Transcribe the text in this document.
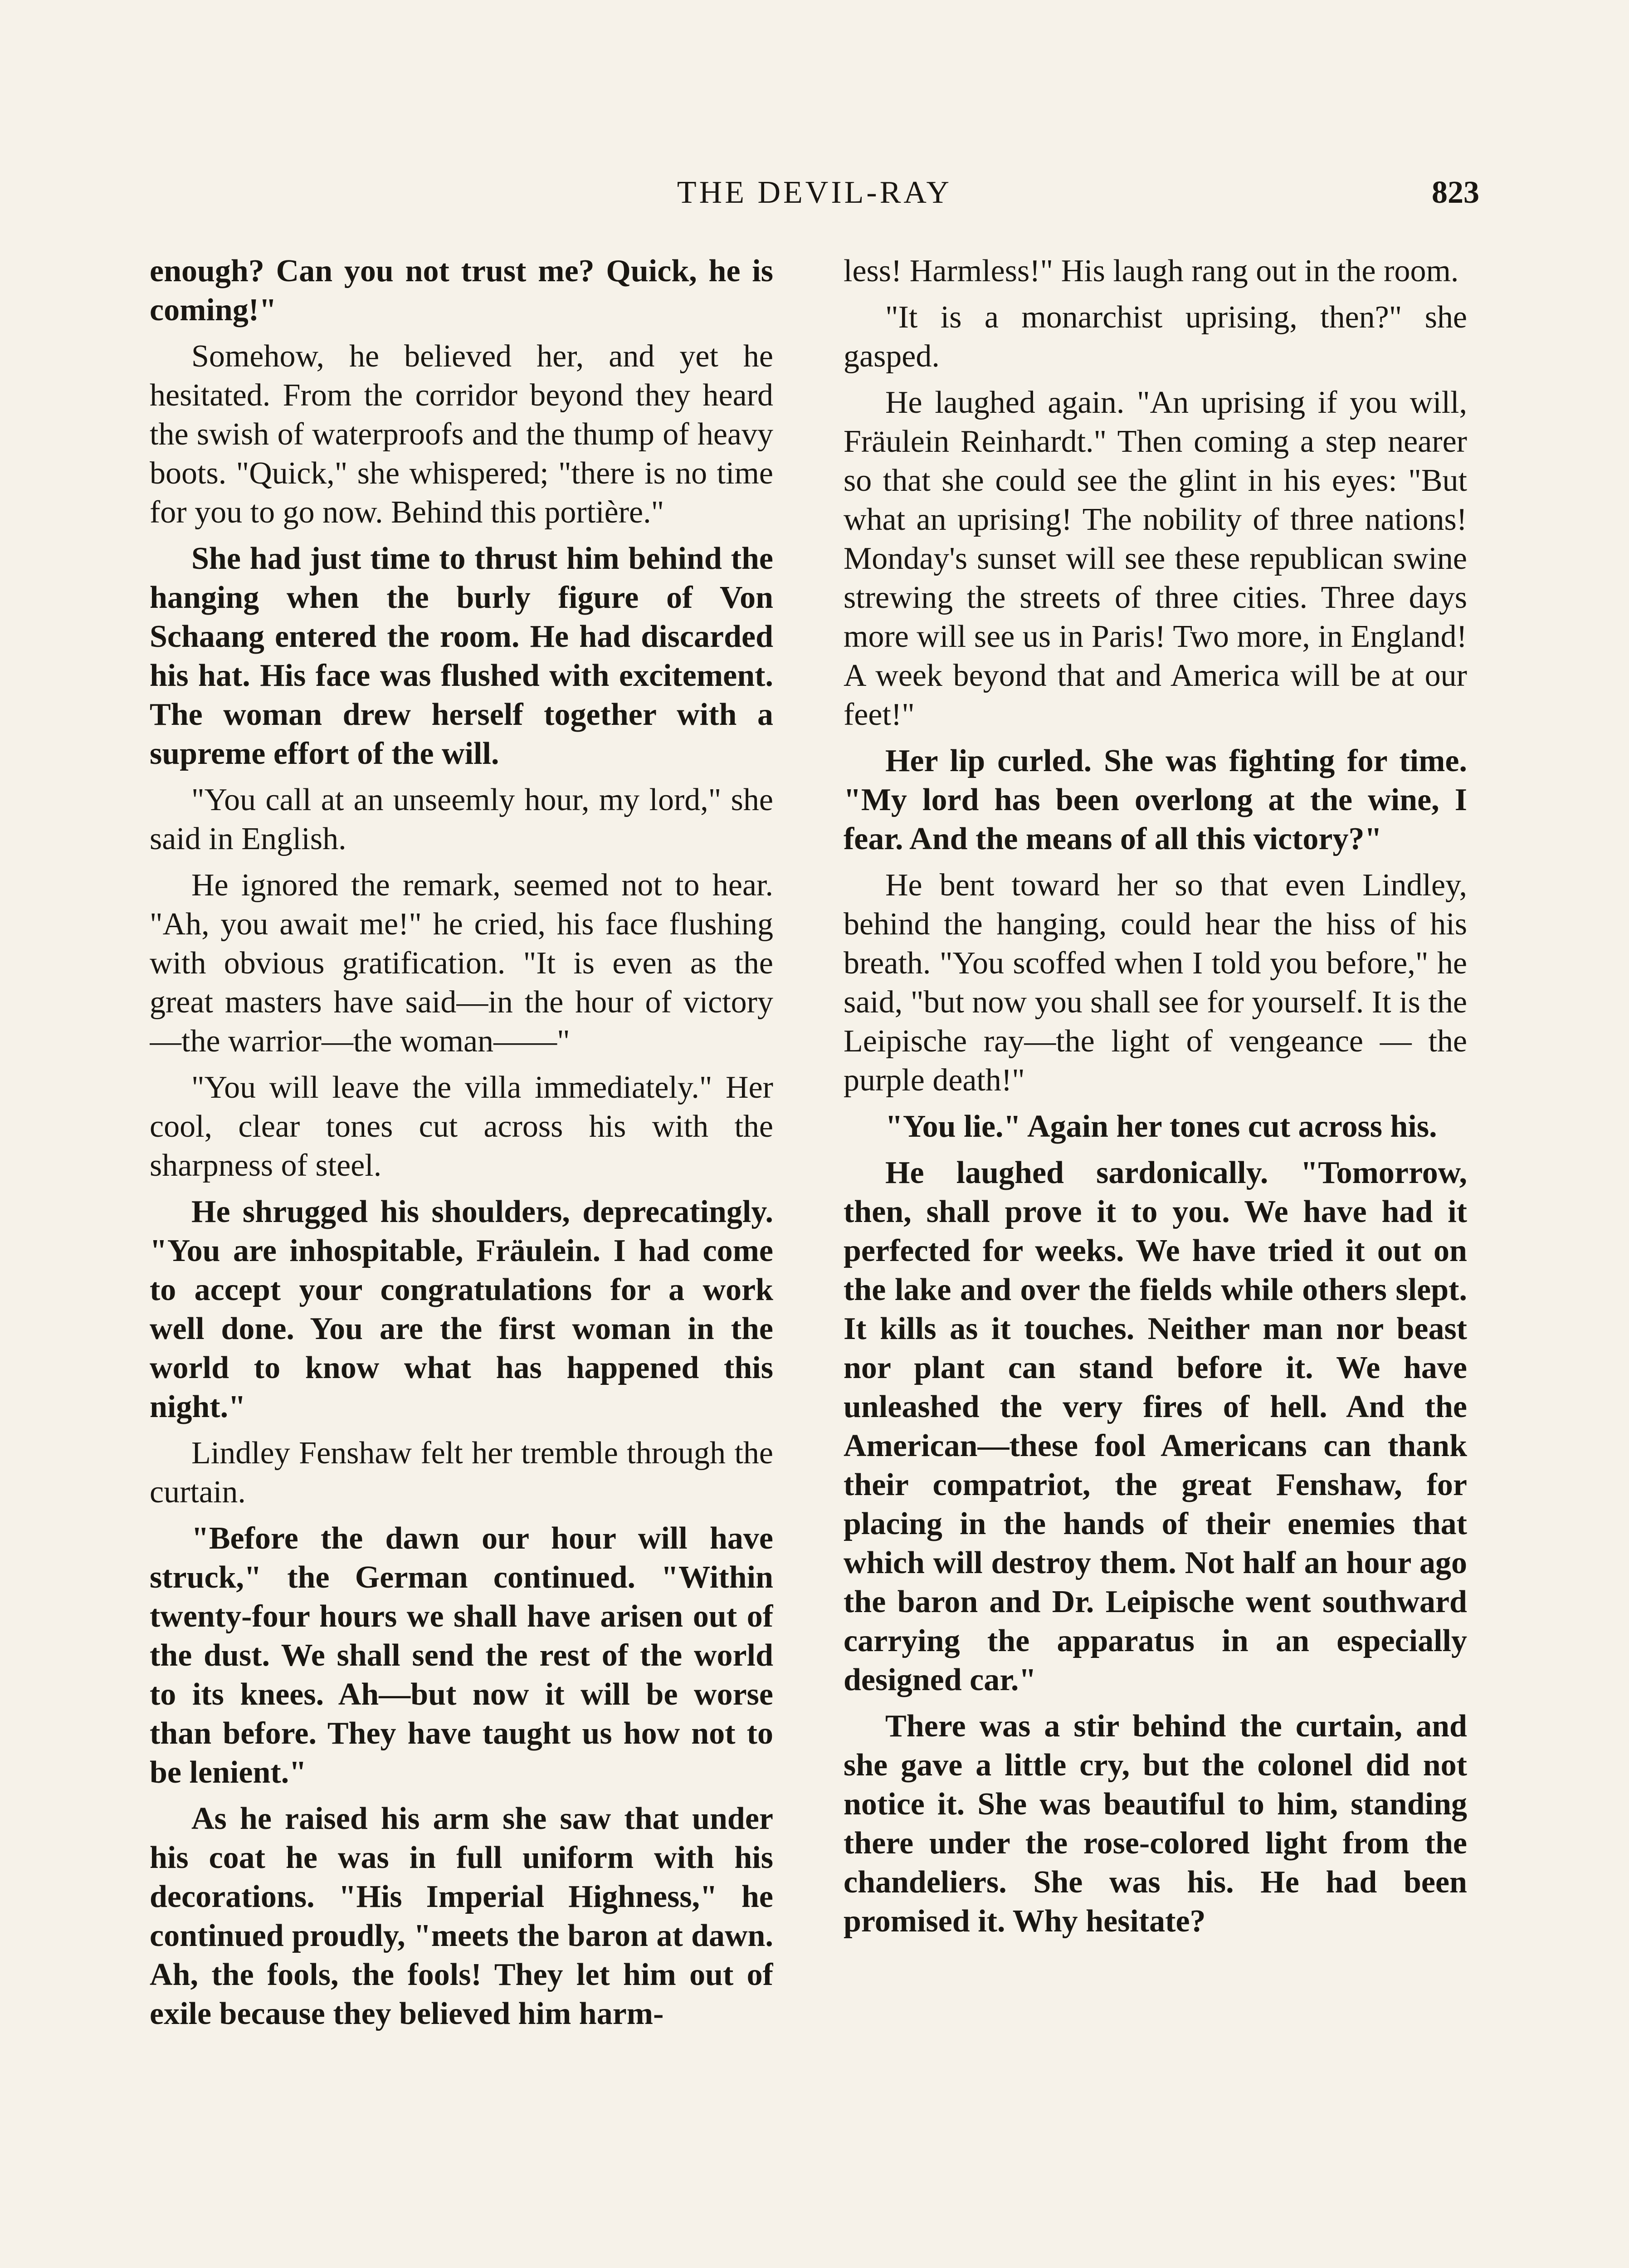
THE DEVIL-RAY	823

enough? Can you not trust me? Quick, he is coming!"

Somehow, he believed her, and yet he hesitated. From the corridor beyond they heard the swish of waterproofs and the thump of heavy boots. "Quick," she whispered; "there is no time for you to go now. Behind this portière."

She had just time to thrust him behind the hanging when the burly figure of Von Schaang entered the room. He had discarded his hat. His face was flushed with excitement. The woman drew herself together with a supreme effort of the will.

"You call at an unseemly hour, my lord," she said in English.

He ignored the remark, seemed not to hear. "Ah, you await me!" he cried, his face flushing with obvious gratification. "It is even as the great masters have said—in the hour of victory—the warrior—the woman——"

"You will leave the villa immediately." Her cool, clear tones cut across his with the sharpness of steel.

He shrugged his shoulders, deprecatingly. "You are inhospitable, Fräulein. I had come to accept your congratulations for a work well done. You are the first woman in the world to know what has happened this night."

Lindley Fenshaw felt her tremble through the curtain.

"Before the dawn our hour will have struck," the German continued. "Within twenty-four hours we shall have arisen out of the dust. We shall send the rest of the world to its knees. Ah—but now it will be worse than before. They have taught us how not to be lenient."

As he raised his arm she saw that under his coat he was in full uniform with his decorations. "His Imperial Highness," he continued proudly, "meets the baron at dawn. Ah, the fools, the fools! They let him out of exile because they believed him harm-

less! Harmless!" His laugh rang out in the room.

"It is a monarchist uprising, then?" she gasped.

He laughed again. "An uprising if you will, Fräulein Reinhardt." Then coming a step nearer so that she could see the glint in his eyes: "But what an uprising! The nobility of three nations! Monday's sunset will see these republican swine strewing the streets of three cities. Three days more will see us in Paris! Two more, in England! A week beyond that and America will be at our feet!"

Her lip curled. She was fighting for time. "My lord has been overlong at the wine, I fear. And the means of all this victory?"

He bent toward her so that even Lindley, behind the hanging, could hear the hiss of his breath. "You scoffed when I told you before," he said, "but now you shall see for yourself. It is the Leipische ray—the light of vengeance — the purple death!"

"You lie." Again her tones cut across his.

He laughed sardonically. "Tomorrow, then, shall prove it to you. We have had it perfected for weeks. We have tried it out on the lake and over the fields while others slept. It kills as it touches. Neither man nor beast nor plant can stand before it. We have unleashed the very fires of hell. And the American—these fool Americans can thank their compatriot, the great Fenshaw, for placing in the hands of their enemies that which will destroy them. Not half an hour ago the baron and Dr. Leipische went southward carrying the apparatus in an especially designed car."

There was a stir behind the curtain, and she gave a little cry, but the colonel did not notice it. She was beautiful to him, standing there under the rose-colored light from the chandeliers. She was his. He had been promised it. Why hesitate?
